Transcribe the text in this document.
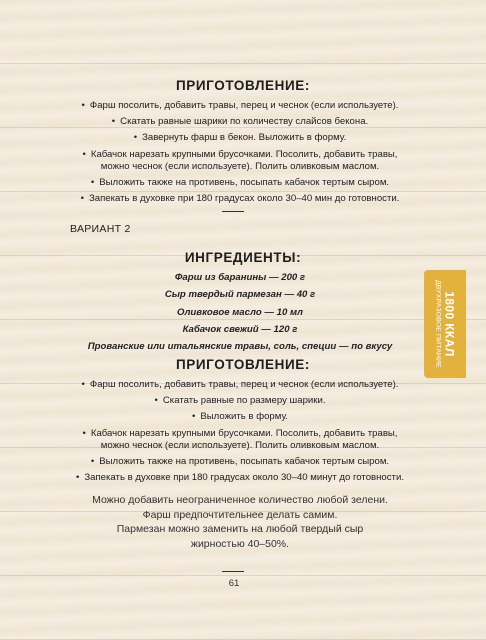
ПРИГОТОВЛЕНИЕ:
• Фарш посолить, добавить травы, перец и чеснок (если используете).
• Скатать равные шарики по количеству слайсов бекона.
• Завернуть фарш в бекон. Выложить в форму.
• Кабачок нарезать крупными брусочками. Посолить, добавить травы,
можно чеснок (если используете). Полить оливковым маслом.
• Выложить также на противень, посыпать кабачок тертым сыром.
• Запекать в духовке при 180 градусах около 30–40 мин до готовности.
ВАРИАНТ 2
ИНГРЕДИЕНТЫ:
Фарш из баранины — 200 г
Сыр твердый пармезан — 40 г
Оливковое масло — 10 мл
Кабачок свежий — 120 г
Прованские или итальянские травы, соль, специи — по вкусу
ПРИГОТОВЛЕНИЕ:
• Фарш посолить, добавить травы, перец и чеснок (если используете).
• Скатать равные по размеру шарики.
• Выложить в форму.
• Кабачок нарезать крупными брусочками. Посолить, добавить травы,
можно чеснок (если используете). Полить оливковым маслом.
• Выложить также на противень, посыпать кабачок тертым сыром.
• Запекать в духовке при 180 градусах около 30–40 минут до готовности.
Можно добавить неограниченное количество любой зелени.
Фарш предпочтительнее делать самим.
Пармезан можно заменить на любой твердый сыр
жирностью 40–50%.
61
1800 ККАЛ
ДВУХРАЗОВОЕ ПИТАНИЕ
